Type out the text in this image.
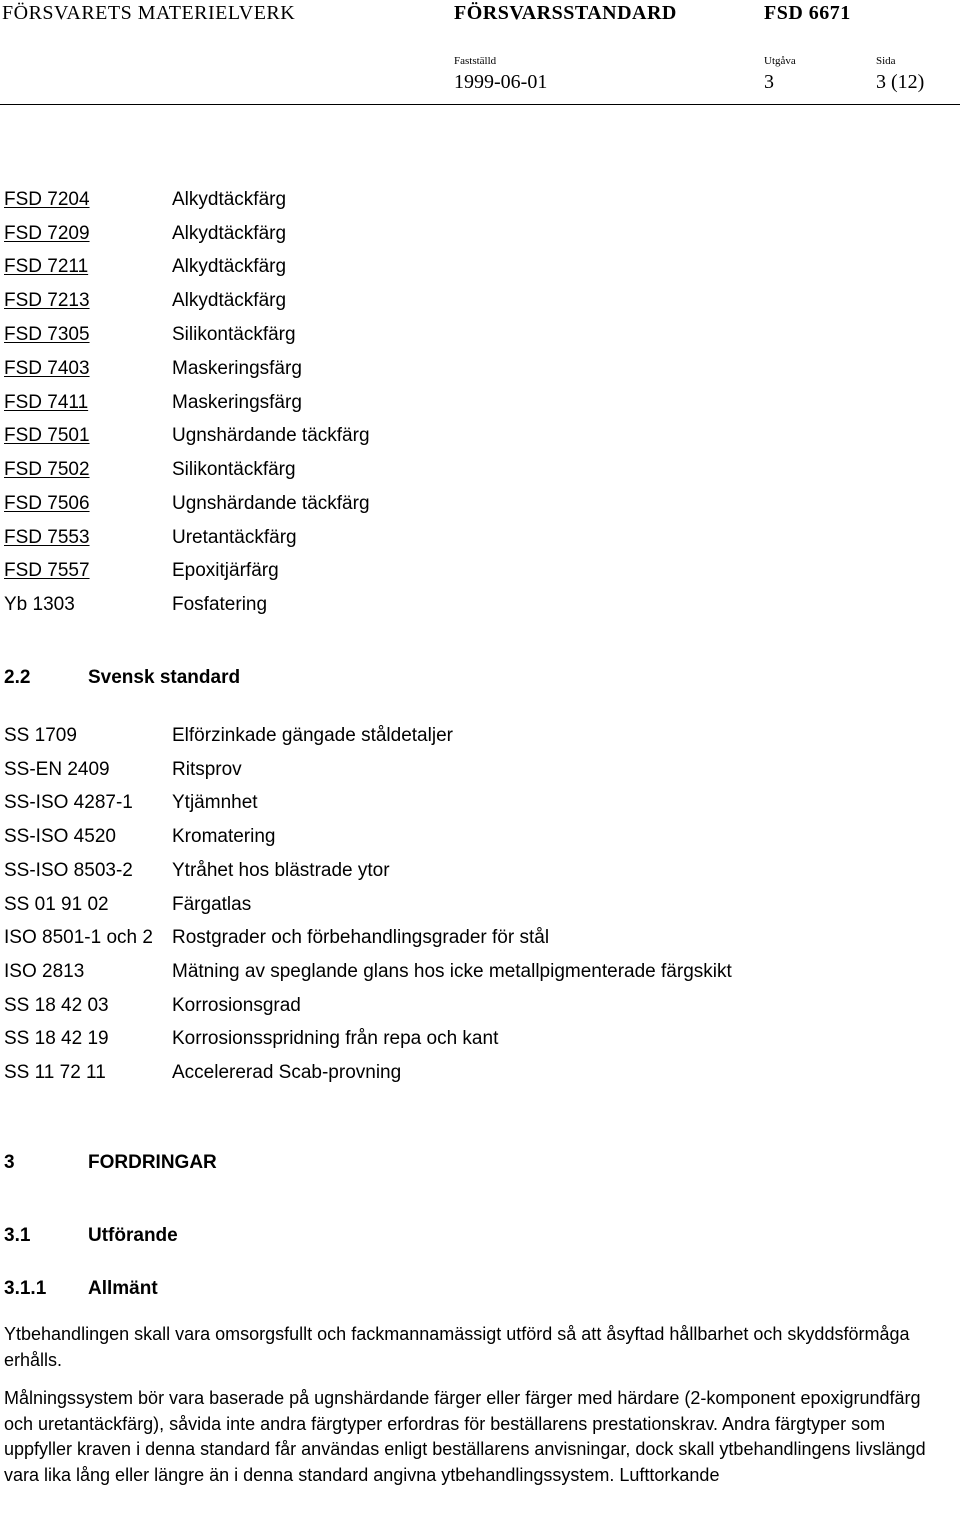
FÖRSVARETS MATERIELVERK	FÖRSVARSSTANDARD	FSD 6671
Fastställd	Utgåva	Sida
1999-06-01	3	3 (12)
FSD 7204	Alkydtäckfärg
FSD 7209	Alkydtäckfärg
FSD 7211	Alkydtäckfärg
FSD 7213	Alkydtäckfärg
FSD 7305	Silikontäckfärg
FSD 7403	Maskeringsfärg
FSD 7411	Maskeringsfärg
FSD 7501	Ugnshärdande täckfärg
FSD 7502	Silikontäckfärg
FSD 7506	Ugnshärdande täckfärg
FSD 7553	Uretantäckfärg
FSD 7557	Epoxitjärfärg
Yb 1303	Fosfatering
2.2	Svensk standard
SS 1709	Elförzinkade gängade ståldetaljer
SS-EN 2409	Ritsprov
SS-ISO 4287-1 Ytjämnhet
SS-ISO 4520	Kromatering
SS-ISO 8503-2 Ytråhet hos blästrade ytor
SS 01 91 02	Färgatlas
ISO 8501-1 och 2 Rostgrader och förbehandlingsgrader för stål
ISO 2813	Mätning av speglande glans hos icke metallpigmenterade färgskikt
SS 18 42 03	Korrosionsgrad
SS 18 42 19	Korrosionsspridning från repa och kant
SS 11 72 11	Accelererad Scab-provning
3	FORDRINGAR
3.1	Utförande
3.1.1 Allmänt

Ytbehandlingen skall vara omsorgsfullt och fackmannamässigt utförd så att åsyftad hållbarhet och skyddsförmåga erhålls.

Målningssystem bör vara baserade på ugnshärdande färger eller färger med härdare (2-komponent epoxigrundfärg och uretantäckfärg), såvida inte andra färgtyper erfordras för beställarens prestationskrav. Andra färgtyper som uppfyller kraven i denna standard får användas enligt beställarens anvisningar, dock skall ytbehandlingens livslängd vara lika lång eller längre än i denna standard angivna ytbehandlingssystem. Lufttorkande
